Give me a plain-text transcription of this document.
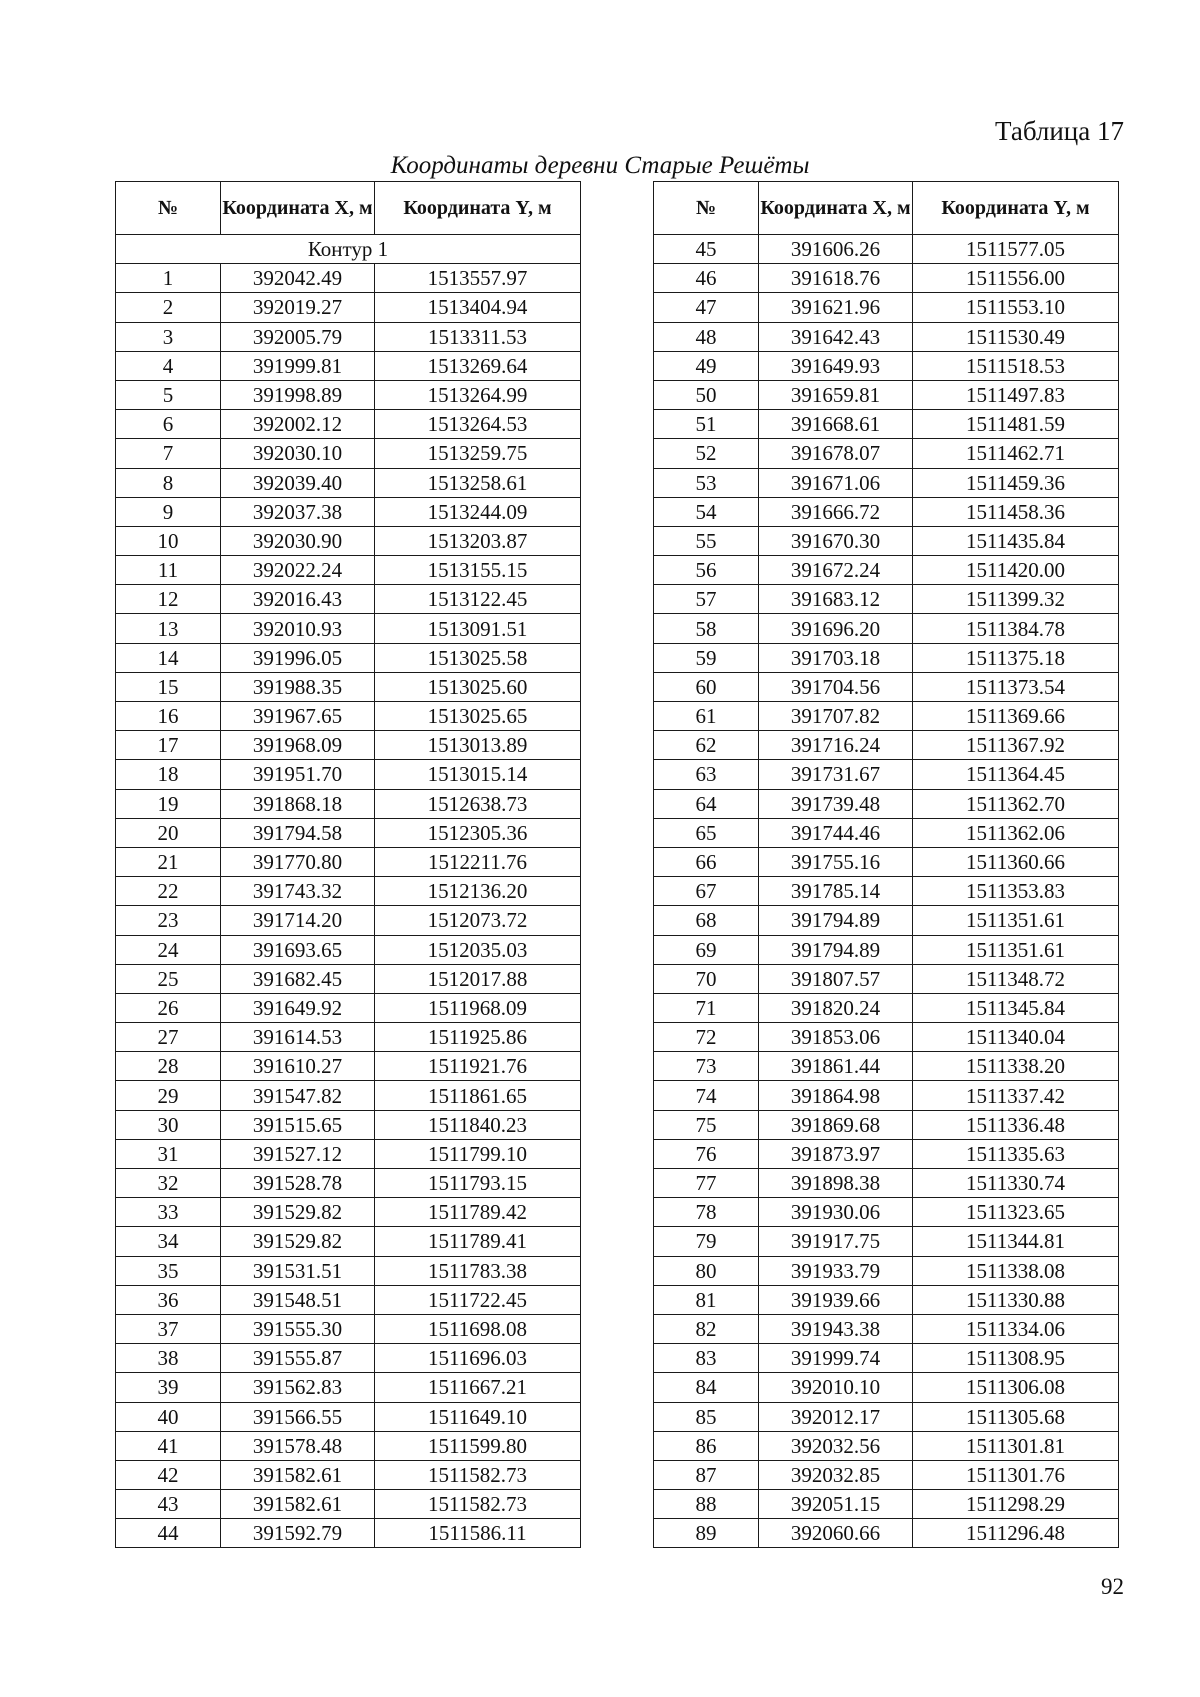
Таблица 17
Координаты деревни Старые Решёты
№	Координата X, м	Координата Y, м
Контур 1		
1	392042.49	1513557.97
2	392019.27	1513404.94
3	392005.79	1513311.53
4	391999.81	1513269.64
5	391998.89	1513264.99
6	392002.12	1513264.53
7	392030.10	1513259.75
8	392039.40	1513258.61
9	392037.38	1513244.09
10	392030.90	1513203.87
11	392022.24	1513155.15
12	392016.43	1513122.45
13	392010.93	1513091.51
14	391996.05	1513025.58
15	391988.35	1513025.60
16	391967.65	1513025.65
17	391968.09	1513013.89
18	391951.70	1513015.14
19	391868.18	1512638.73
20	391794.58	1512305.36
21	391770.80	1512211.76
22	391743.32	1512136.20
23	391714.20	1512073.72
24	391693.65	1512035.03
25	391682.45	1512017.88
26	391649.92	1511968.09
27	391614.53	1511925.86
28	391610.27	1511921.76
29	391547.82	1511861.65
30	391515.65	1511840.23
31	391527.12	1511799.10
32	391528.78	1511793.15
33	391529.82	1511789.42
34	391529.82	1511789.41
35	391531.51	1511783.38
36	391548.51	1511722.45
37	391555.30	1511698.08
38	391555.87	1511696.03
39	391562.83	1511667.21
40	391566.55	1511649.10
41	391578.48	1511599.80
42	391582.61	1511582.73
43	391582.61	1511582.73
44	391592.79	1511586.11
№	Координата X, м	Координата Y, м
45	391606.26	1511577.05
46	391618.76	1511556.00
47	391621.96	1511553.10
48	391642.43	1511530.49
49	391649.93	1511518.53
50	391659.81	1511497.83
51	391668.61	1511481.59
52	391678.07	1511462.71
53	391671.06	1511459.36
54	391666.72	1511458.36
55	391670.30	1511435.84
56	391672.24	1511420.00
57	391683.12	1511399.32
58	391696.20	1511384.78
59	391703.18	1511375.18
60	391704.56	1511373.54
61	391707.82	1511369.66
62	391716.24	1511367.92
63	391731.67	1511364.45
64	391739.48	1511362.70
65	391744.46	1511362.06
66	391755.16	1511360.66
67	391785.14	1511353.83
68	391794.89	1511351.61
69	391794.89	1511351.61
70	391807.57	1511348.72
71	391820.24	1511345.84
72	391853.06	1511340.04
73	391861.44	1511338.20
74	391864.98	1511337.42
75	391869.68	1511336.48
76	391873.97	1511335.63
77	391898.38	1511330.74
78	391930.06	1511323.65
79	391917.75	1511344.81
80	391933.79	1511338.08
81	391939.66	1511330.88
82	391943.38	1511334.06
83	391999.74	1511308.95
84	392010.10	1511306.08
85	392012.17	1511305.68
86	392032.56	1511301.81
87	392032.85	1511301.76
88	392051.15	1511298.29
89	392060.66	1511296.48
92
